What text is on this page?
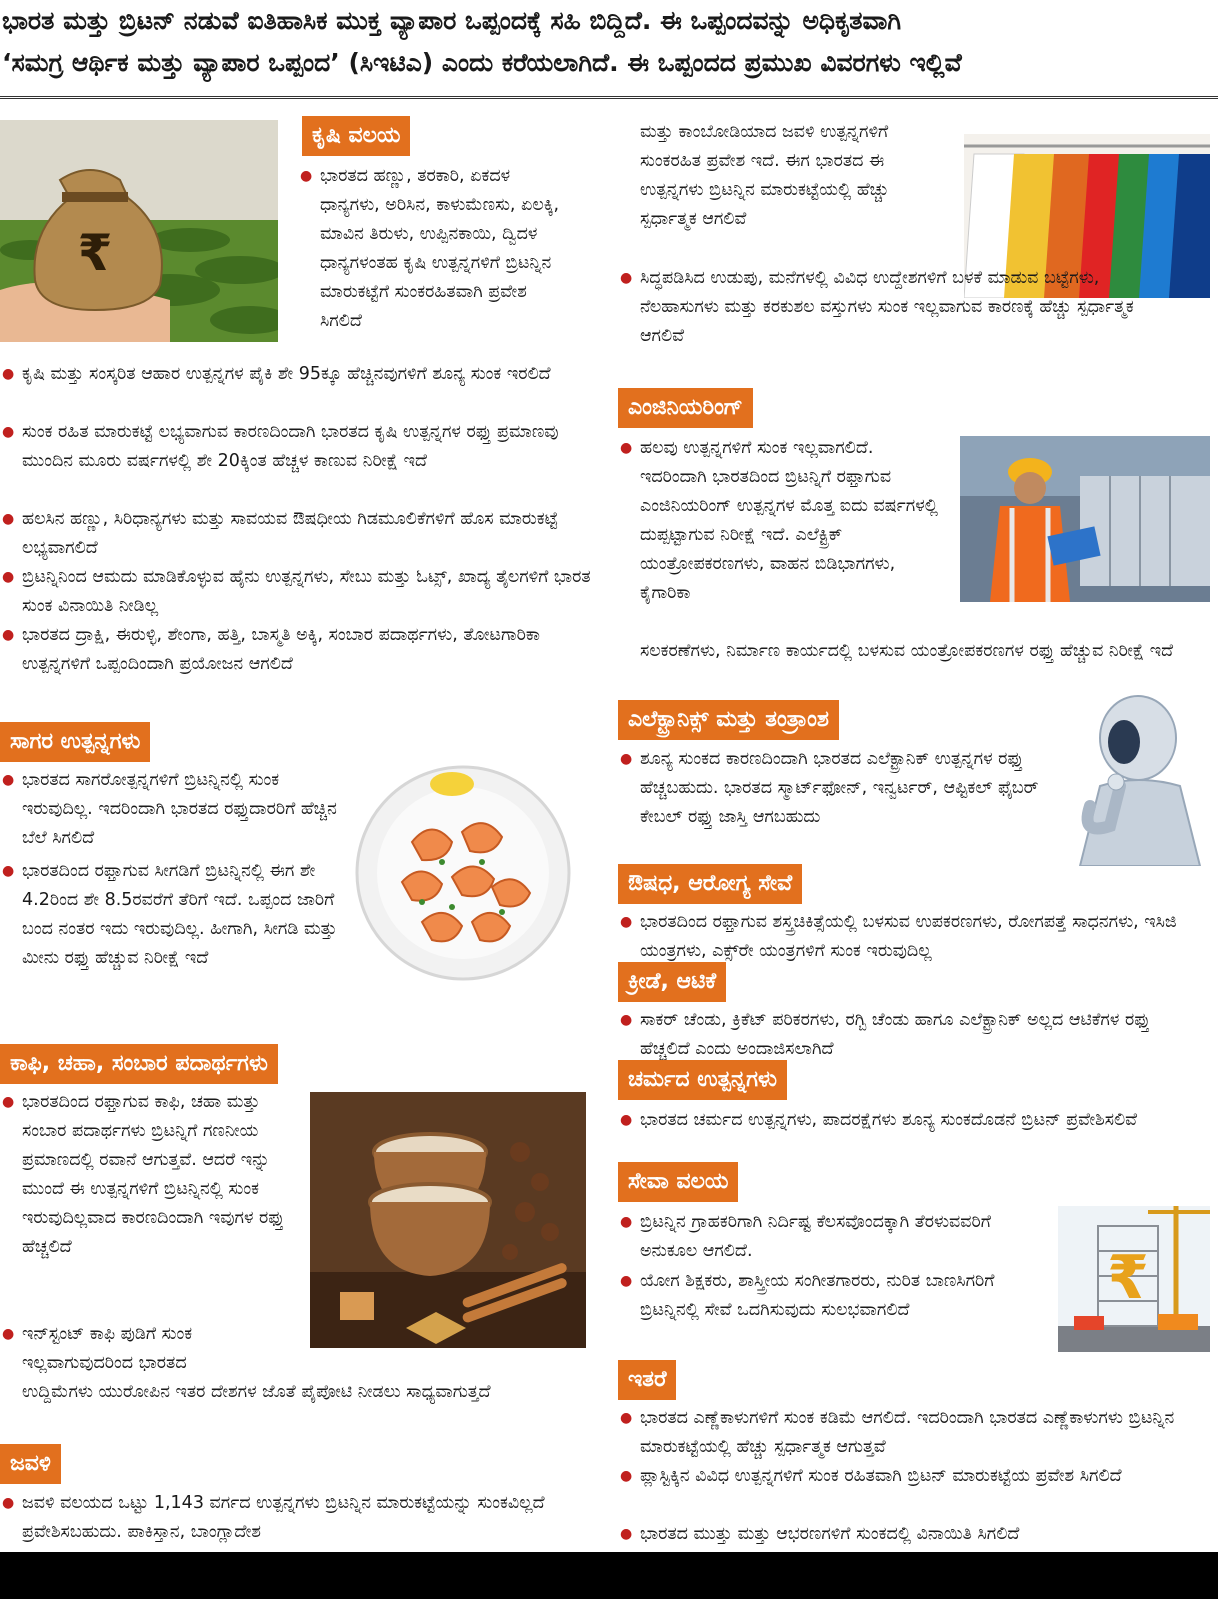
ಭಾರತ ಮತ್ತು ಬ್ರಿಟನ್ ನಡುವೆ ಐತಿಹಾಸಿಕ ಮುಕ್ತ ವ್ಯಾಪಾರ ಒಪ್ಪಂದಕ್ಕೆ ಸಹಿ ಬಿದ್ದಿದೆ. ಈ ಒಪ್ಪಂದವನ್ನು ಅಧಿಕೃತವಾಗಿ
‘ಸಮಗ್ರ ಆರ್ಥಿಕ ಮತ್ತು ವ್ಯಾಪಾರ ಒಪ್ಪಂದ’ (ಸಿಇಟಿಎ) ಎಂದು ಕರೆಯಲಾಗಿದೆ. ಈ ಒಪ್ಪಂದದ ಪ್ರಮುಖ ವಿವರಗಳು ಇಲ್ಲಿವೆ
₹
ಕೃಷಿ ವಲಯ
● ಭಾರತದ ಹಣ್ಣು, ತರಕಾರಿ, ಏಕದಳ ಧಾನ್ಯಗಳು, ಅರಿಸಿನ, ಕಾಳುಮೆಣಸು, ಏಲಕ್ಕಿ, ಮಾವಿನ ತಿರುಳು, ಉಪ್ಪಿನಕಾಯಿ, ದ್ವಿದಳ ಧಾನ್ಯಗಳಂತಹ ಕೃಷಿ ಉತ್ಪನ್ನಗಳಿಗೆ ಬ್ರಿಟನ್ನಿನ ಮಾರುಕಟ್ಟೆಗೆ ಸುಂಕರಹಿತವಾಗಿ ಪ್ರವೇಶ ಸಿಗಲಿದೆ
● ಕೃಷಿ ಮತ್ತು ಸಂಸ್ಕರಿತ ಆಹಾರ ಉತ್ಪನ್ನಗಳ ಪೈಕಿ ಶೇ 95ಕ್ಕೂ ಹೆಚ್ಚಿನವುಗಳಿಗೆ ಶೂನ್ಯ ಸುಂಕ ಇರಲಿದೆ
● ಸುಂಕ ರಹಿತ ಮಾರುಕಟ್ಟೆ ಲಭ್ಯವಾಗುವ ಕಾರಣದಿಂದಾಗಿ ಭಾರತದ ಕೃಷಿ ಉತ್ಪನ್ನಗಳ ರಫ್ತು ಪ್ರಮಾಣವು ಮುಂದಿನ ಮೂರು ವರ್ಷಗಳಲ್ಲಿ ಶೇ 20ಕ್ಕಿಂತ ಹೆಚ್ಚಳ ಕಾಣುವ ನಿರೀಕ್ಷೆ ಇದೆ
● ಹಲಸಿನ ಹಣ್ಣು, ಸಿರಿಧಾನ್ಯಗಳು ಮತ್ತು ಸಾವಯವ ಔಷಧೀಯ ಗಿಡಮೂಲಿಕೆಗಳಿಗೆ ಹೊಸ ಮಾರುಕಟ್ಟೆ ಲಭ್ಯವಾಗಲಿದೆ
● ಬ್ರಿಟನ್ನಿನಿಂದ ಆಮದು ಮಾಡಿಕೊಳ್ಳುವ ಹೈನು ಉತ್ಪನ್ನಗಳು, ಸೇಬು ಮತ್ತು ಓಟ್ಸ್, ಖಾದ್ಯ ತೈಲಗಳಿಗೆ ಭಾರತ ಸುಂಕ ವಿನಾಯಿತಿ ನೀಡಿಲ್ಲ
● ಭಾರತದ ದ್ರಾಕ್ಷಿ, ಈರುಳ್ಳಿ, ಶೇಂಗಾ, ಹತ್ತಿ, ಬಾಸ್ಮತಿ ಅಕ್ಕಿ, ಸಂಬಾರ ಪದಾರ್ಥಗಳು, ತೋಟಗಾರಿಕಾ ಉತ್ಪನ್ನಗಳಿಗೆ ಒಪ್ಪಂದಿಂದಾಗಿ ಪ್ರಯೋಜನ ಆಗಲಿದೆ
ಸಾಗರ ಉತ್ಪನ್ನಗಳು
● ಭಾರತದ ಸಾಗರೋತ್ಪನ್ನಗಳಿಗೆ ಬ್ರಿಟನ್ನಿನಲ್ಲಿ ಸುಂಕ ಇರುವುದಿಲ್ಲ. ಇದರಿಂದಾಗಿ ಭಾರತದ ರಫ್ತುದಾರರಿಗೆ ಹೆಚ್ಚಿನ ಬೆಲೆ ಸಿಗಲಿದೆ
● ಭಾರತದಿಂದ ರಫ್ತಾಗುವ ಸೀಗಡಿಗೆ ಬ್ರಿಟನ್ನಿನಲ್ಲಿ ಈಗ ಶೇ 4.2ರಿಂದ ಶೇ 8.5ರವರೆಗೆ ತೆರಿಗೆ ಇದೆ. ಒಪ್ಪಂದ ಜಾರಿಗೆ ಬಂದ ನಂತರ ಇದು ಇರುವುದಿಲ್ಲ. ಹೀಗಾಗಿ, ಸೀಗಡಿ ಮತ್ತು ಮೀನು ರಫ್ತು ಹೆಚ್ಚುವ ನಿರೀಕ್ಷೆ ಇದೆ
ಕಾಫಿ, ಚಹಾ, ಸಂಬಾರ ಪದಾರ್ಥಗಳು
● ಭಾರತದಿಂದ ರಫ್ತಾಗುವ ಕಾಫಿ, ಚಹಾ ಮತ್ತು ಸಂಬಾರ ಪದಾರ್ಥಗಳು ಬ್ರಿಟನ್ನಿಗೆ ಗಣನೀಯ ಪ್ರಮಾಣದಲ್ಲಿ ರವಾನೆ ಆಗುತ್ತವೆ. ಆದರೆ ಇನ್ನು ಮುಂದೆ ಈ ಉತ್ಪನ್ನಗಳಿಗೆ ಬ್ರಿಟನ್ನಿನಲ್ಲಿ ಸುಂಕ ಇರುವುದಿಲ್ಲವಾದ ಕಾರಣದಿಂದಾಗಿ ಇವುಗಳ ರಫ್ತು ಹೆಚ್ಚಲಿದೆ
● ಇನ್‌ಸ್ಟಂಟ್ ಕಾಫಿ ಪುಡಿಗೆ ಸುಂಕ ಇಲ್ಲವಾಗುವುದರಿಂದ ಭಾರತದ
ಉದ್ದಿಮೆಗಳು ಯುರೋಪಿನ ಇತರ ದೇಶಗಳ ಜೊತೆ ಪೈಪೋಟಿ ನೀಡಲು ಸಾಧ್ಯವಾಗುತ್ತದೆ
ಜವಳಿ
● ಜವಳಿ ವಲಯದ ಒಟ್ಟು 1,143 ವರ್ಗದ ಉತ್ಪನ್ನಗಳು ಬ್ರಿಟನ್ನಿನ ಮಾರುಕಟ್ಟೆಯನ್ನು ಸುಂಕವಿಲ್ಲದೆ ಪ್ರವೇಶಿಸಬಹುದು. ಪಾಕಿಸ್ತಾನ, ಬಾಂಗ್ಲಾದೇಶ
ಮತ್ತು ಕಾಂಬೋಡಿಯಾದ ಜವಳಿ ಉತ್ಪನ್ನಗಳಿಗೆ ಸುಂಕರಹಿತ ಪ್ರವೇಶ ಇದೆ. ಈಗ ಭಾರತದ ಈ ಉತ್ಪನ್ನಗಳು ಬ್ರಿಟನ್ನಿನ ಮಾರುಕಟ್ಟೆಯಲ್ಲಿ ಹೆಚ್ಚು ಸ್ಪರ್ಧಾತ್ಮಕ ಆಗಲಿವೆ
● ಸಿದ್ಧಪಡಿಸಿದ ಉಡುಪು, ಮನೆಗಳಲ್ಲಿ ವಿವಿಧ ಉದ್ದೇಶಗಳಿಗೆ ಬಳಕೆ ಮಾಡುವ ಬಟ್ಟೆಗಳು, ನೆಲಹಾಸುಗಳು ಮತ್ತು ಕರಕುಶಲ ವಸ್ತುಗಳು ಸುಂಕ ಇಲ್ಲವಾಗುವ ಕಾರಣಕ್ಕೆ ಹೆಚ್ಚು ಸ್ಪರ್ಧಾತ್ಮಕ ಆಗಲಿವೆ
ಎಂಜಿನಿಯರಿಂಗ್
● ಹಲವು ಉತ್ಪನ್ನಗಳಿಗೆ ಸುಂಕ ಇಲ್ಲವಾಗಲಿದೆ. ಇದರಿಂದಾಗಿ ಭಾರತದಿಂದ ಬ್ರಿಟನ್ನಿಗೆ ರಫ್ತಾಗುವ ಎಂಜಿನಿಯರಿಂಗ್ ಉತ್ಪನ್ನಗಳ ಮೊತ್ತ ಐದು ವರ್ಷಗಳಲ್ಲಿ ದುಪ್ಪಟ್ಟಾಗುವ ನಿರೀಕ್ಷೆ ಇದೆ. ಎಲೆಕ್ಟ್ರಿಕ್ ಯಂತ್ರೋಪಕರಣಗಳು, ವಾಹನ ಬಿಡಿಭಾಗಗಳು, ಕೈಗಾರಿಕಾ
ಸಲಕರಣೆಗಳು, ನಿರ್ಮಾಣ ಕಾರ್ಯದಲ್ಲಿ ಬಳಸುವ ಯಂತ್ರೋಪಕರಣಗಳ ರಫ್ತು ಹೆಚ್ಚುವ ನಿರೀಕ್ಷೆ ಇದೆ
ಎಲೆಕ್ಟ್ರಾನಿಕ್ಸ್ ಮತ್ತು ತಂತ್ರಾಂಶ
● ಶೂನ್ಯ ಸುಂಕದ ಕಾರಣದಿಂದಾಗಿ ಭಾರತದ ಎಲೆಕ್ಟ್ರಾನಿಕ್ ಉತ್ಪನ್ನಗಳ ರಫ್ತು ಹೆಚ್ಚಬಹುದು. ಭಾರತದ ಸ್ಮಾರ್ಟ್‌ಫೋನ್, ಇನ್ವರ್ಟರ್, ಆಪ್ಟಿಕಲ್ ಫೈಬರ್ ಕೇಬಲ್ ರಫ್ತು ಜಾಸ್ತಿ ಆಗಬಹುದು
ಔಷಧ, ಆರೋಗ್ಯ ಸೇವೆ
● ಭಾರತದಿಂದ ರಫ್ತಾಗುವ ಶಸ್ತ್ರಚಿಕಿತ್ಸೆಯಲ್ಲಿ ಬಳಸುವ ಉಪಕರಣಗಳು, ರೋಗಪತ್ತೆ ಸಾಧನಗಳು, ಇಸಿಜಿ ಯಂತ್ರಗಳು, ಎಕ್ಸ್‌ರೇ ಯಂತ್ರಗಳಿಗೆ ಸುಂಕ ಇರುವುದಿಲ್ಲ
ಕ್ರೀಡೆ, ಆಟಿಕೆ
● ಸಾಕರ್ ಚೆಂಡು, ಕ್ರಿಕೆಟ್ ಪರಿಕರಗಳು, ರಗ್ಬಿ ಚೆಂಡು ಹಾಗೂ ಎಲೆಕ್ಟ್ರಾನಿಕ್ ಅಲ್ಲದ ಆಟಿಕೆಗಳ ರಫ್ತು ಹೆಚ್ಚಲಿದೆ ಎಂದು ಅಂದಾಜಿಸಲಾಗಿದೆ
ಚರ್ಮದ ಉತ್ಪನ್ನಗಳು
● ಭಾರತದ ಚರ್ಮದ ಉತ್ಪನ್ನಗಳು, ಪಾದರಕ್ಷೆಗಳು ಶೂನ್ಯ ಸುಂಕದೊಡನೆ ಬ್ರಿಟನ್ ಪ್ರವೇಶಿಸಲಿವೆ
ಸೇವಾ ವಲಯ
● ಬ್ರಿಟನ್ನಿನ ಗ್ರಾಹಕರಿಗಾಗಿ ನಿರ್ದಿಷ್ಟ ಕೆಲಸವೊಂದಕ್ಕಾಗಿ ತೆರಳುವವರಿಗೆ ಅನುಕೂಲ ಆಗಲಿದೆ.
● ಯೋಗ ಶಿಕ್ಷಕರು, ಶಾಸ್ತ್ರೀಯ ಸಂಗೀತಗಾರರು, ನುರಿತ ಬಾಣಸಿಗರಿಗೆ ಬ್ರಿಟನ್ನಿನಲ್ಲಿ ಸೇವೆ ಒದಗಿಸುವುದು ಸುಲಭವಾಗಲಿದೆ	₹
ಇತರೆ
● ಭಾರತದ ಎಣ್ಣೆಕಾಳುಗಳಿಗೆ ಸುಂಕ ಕಡಿಮೆ ಆಗಲಿದೆ. ಇದರಿಂದಾಗಿ ಭಾರತದ ಎಣ್ಣೆಕಾಳುಗಳು ಬ್ರಿಟನ್ನಿನ ಮಾರುಕಟ್ಟೆಯಲ್ಲಿ ಹೆಚ್ಚು ಸ್ಪರ್ಧಾತ್ಮಕ ಆಗುತ್ತವೆ
● ಪ್ಲಾಸ್ಟಿಕ್ಕಿನ ವಿವಿಧ ಉತ್ಪನ್ನಗಳಿಗೆ ಸುಂಕ ರಹಿತವಾಗಿ ಬ್ರಿಟನ್ ಮಾರುಕಟ್ಟೆಯ ಪ್ರವೇಶ ಸಿಗಲಿದೆ
● ಭಾರತದ ಮುತ್ತು ಮತ್ತು ಆಭರಣಗಳಿಗೆ ಸುಂಕದಲ್ಲಿ ವಿನಾಯಿತಿ ಸಿಗಲಿದೆ
